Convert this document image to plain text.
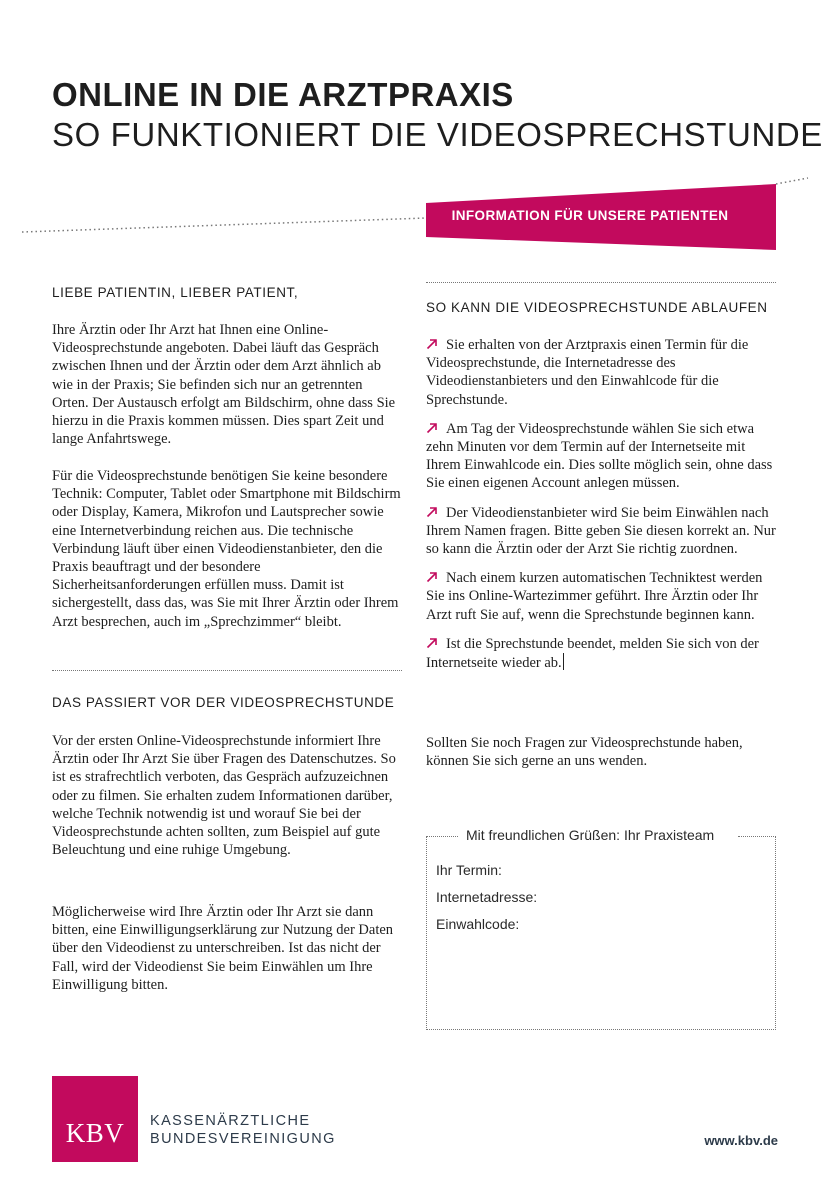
ONLINE IN DIE ARZTPRAXIS
SO FUNKTIONIERT DIE VIDEOSPRECHSTUNDE
INFORMATION FÜR UNSERE PATIENTEN
LIEBE PATIENTIN, LIEBER PATIENT,
Ihre Ärztin oder Ihr Arzt hat Ihnen eine Online-Videosprechstunde angeboten. Dabei läuft das Gespräch zwischen Ihnen und der Ärztin oder dem Arzt ähnlich ab wie in der Praxis; Sie befinden sich nur an getrennten Orten. Der Austausch erfolgt am Bildschirm, ohne dass Sie hierzu in die Praxis kommen müssen. Dies spart Zeit und lange Anfahrtswege.
Für die Videosprechstunde benötigen Sie keine besondere Technik: Computer, Tablet oder Smartphone mit Bildschirm oder Display, Kamera, Mikrofon und Lautsprecher sowie eine Internetverbindung reichen aus. Die technische Verbindung läuft über einen Videodienstanbieter, den die Praxis beauftragt und der besondere Sicherheitsanforderungen erfüllen muss. Damit ist sichergestellt, dass das, was Sie mit Ihrer Ärztin oder Ihrem Arzt besprechen, auch im „Sprechzimmer“ bleibt.
DAS PASSIERT VOR DER VIDEOSPRECHSTUNDE
Vor der ersten Online-Videosprechstunde informiert Ihre Ärztin oder Ihr Arzt Sie über Fragen des Datenschutzes. So ist es strafrechtlich verboten, das Gespräch aufzuzeichnen oder zu filmen. Sie erhalten zudem Informationen darüber, welche Technik notwendig ist und worauf Sie bei der Videosprechstunde achten sollten, zum Beispiel auf gute Beleuchtung und eine ruhige Umgebung.
Möglicherweise wird Ihre Ärztin oder Ihr Arzt sie dann bitten, eine Einwilligungserklärung zur Nutzung der Daten über den Videodienst zu unterschreiben. Ist das nicht der Fall, wird der Videodienst Sie beim Einwählen um Ihre Einwilligung bitten.
SO KANN DIE VIDEOSPRECHSTUNDE ABLAUFEN
Sie erhalten von der Arztpraxis einen Termin für die Videosprechstunde, die Internetadresse des Videodienstanbieters und den Einwahlcode für die Sprechstunde.
Am Tag der Videosprechstunde wählen Sie sich etwa zehn Minuten vor dem Termin auf der Internetseite mit Ihrem Einwahlcode ein. Dies sollte möglich sein, ohne dass Sie einen eigenen Account anlegen müssen.
Der Videodienstanbieter wird Sie beim Einwählen nach Ihrem Namen fragen. Bitte geben Sie diesen korrekt an. Nur so kann die Ärztin oder der Arzt Sie richtig zuordnen.
Nach einem kurzen automatischen Techniktest werden Sie ins Online-Wartezimmer geführt. Ihre Ärztin oder Ihr Arzt ruft Sie auf, wenn die Sprechstunde beginnen kann.
Ist die Sprechstunde beendet, melden Sie sich von der Internetseite wieder ab.
Sollten Sie noch Fragen zur Videosprechstunde haben, können Sie sich gerne an uns wenden.
Mit freundlichen Grüßen: Ihr Praxisteam
Ihr Termin:
Internetadresse:
Einwahlcode:
KBV	KASSENÄRZTLICHE
BUNDESVEREINIGUNG	www.kbv.de
